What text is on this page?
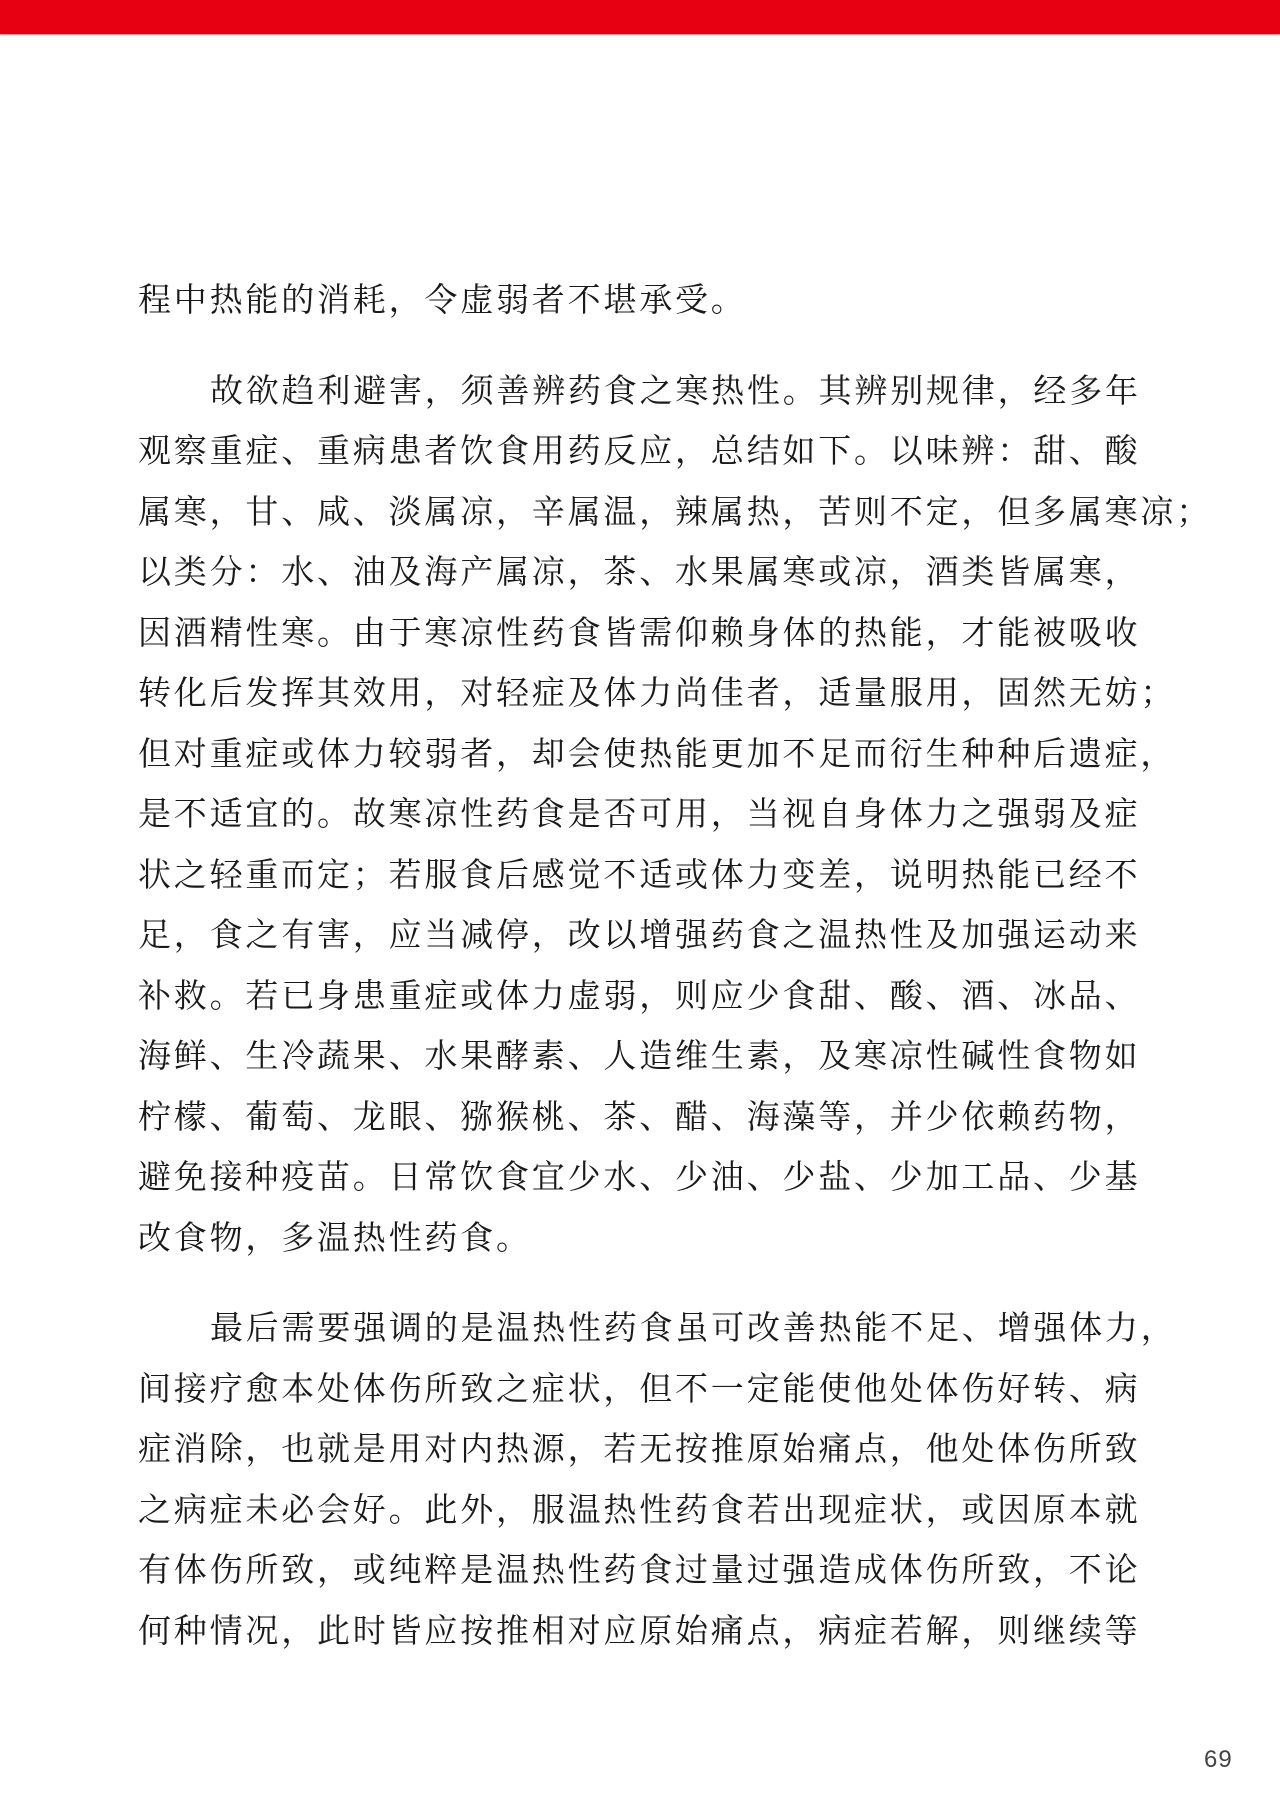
程中热能的消耗，令虚弱者不堪承受。
故欲趋利避害，须善辨药食之寒热性。其辨别规律，经多年
观察重症、重病患者饮食用药反应，总结如下。以味辨：甜、酸
属寒，甘、咸、淡属凉，辛属温，辣属热，苦则不定，但多属寒凉；
以类分：水、油及海产属凉，茶、水果属寒或凉，酒类皆属寒，
因酒精性寒。由于寒凉性药食皆需仰赖身体的热能，才能被吸收
转化后发挥其效用，对轻症及体力尚佳者，适量服用，固然无妨；
但对重症或体力较弱者，却会使热能更加不足而衍生种种后遗症，
是不适宜的。故寒凉性药食是否可用，当视自身体力之强弱及症
状之轻重而定；若服食后感觉不适或体力变差，说明热能已经不
足，食之有害，应当减停，改以增强药食之温热性及加强运动来
补救。若已身患重症或体力虚弱，则应少食甜、酸、酒、冰品、
海鲜、生冷蔬果、水果酵素、人造维生素，及寒凉性碱性食物如
柠檬、葡萄、龙眼、猕猴桃、茶、醋、海藻等，并少依赖药物，
避免接种疫苗。日常饮食宜少水、少油、少盐、少加工品、少基
改食物，多温热性药食。
最后需要强调的是温热性药食虽可改善热能不足、增强体力，
间接疗愈本处体伤所致之症状，但不一定能使他处体伤好转、病
症消除，也就是用对内热源，若无按推原始痛点，他处体伤所致
之病症未必会好。此外，服温热性药食若出现症状，或因原本就
有体伤所致，或纯粹是温热性药食过量过强造成体伤所致，不论
何种情况，此时皆应按推相对应原始痛点，病症若解，则继续等
69
